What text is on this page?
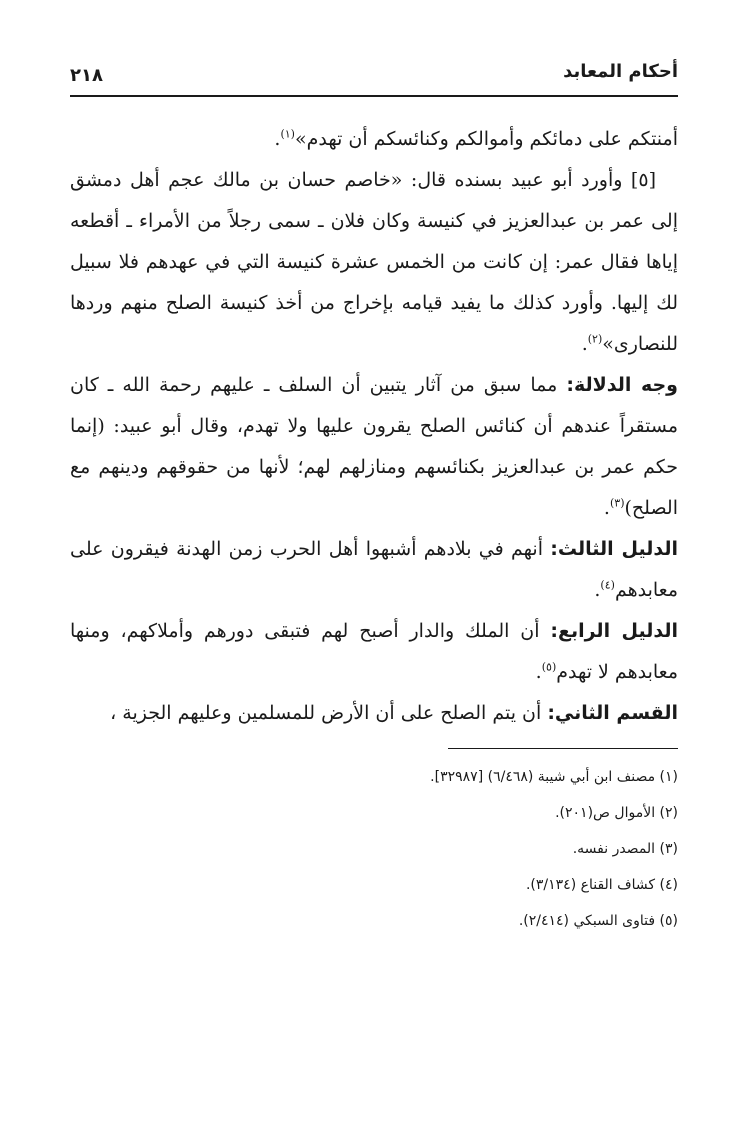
أحكام المعابد
٢١٨

أمنتكم على دمائكم وأموالكم وكنائسكم أن تهدم»$^{(١)}$.

[٥] وأورد أبو عبيد بسنده قال: «خاصم حسان بن مالك عجم أهل دمشق إلى عمر بن عبدالعزيز في كنيسة وكان فلان ـ سمى رجلاً من الأمراء ـ أقطعه إياها فقال عمر: إن كانت من الخمس عشرة كنيسة التي في عهدهم فلا سبيل لك إليها. وأورد كذلك ما يفيد قيامه بإخراج من أخذ كنيسة الصلح منهم وردها للنصارى»$^{(٢)}$.

وجه الدلالة: مما سبق من آثار يتبين أن السلف ـ عليهم رحمة الله ـ كان مستقراً عندهم أن كنائس الصلح يقرون عليها ولا تهدم، وقال أبو عبيد: (إنما حكم عمر بن عبدالعزيز بكنائسهم ومنازلهم لهم؛ لأنها من حقوقهم ودينهم مع الصلح)$^{(٣)}$.

الدليل الثالث: أنهم في بلادهم أشبهوا أهل الحرب زمن الهدنة فيقرون على معابدهم$^{(٤)}$.

الدليل الرابع: أن الملك والدار أصبح لهم فتبقى دورهم وأملاكهم، ومنها معابدهم لا تهدم$^{(٥)}$.

القسم الثاني: أن يتم الصلح على أن الأرض للمسلمين وعليهم الجزية ،

(١) مصنف ابن أبي شيبة (٦/٤٦٨) [٣٢٩٨٧].
(٢) الأموال ص(٢٠١).
(٣) المصدر نفسه.
(٤) كشاف القناع (٣/١٣٤).
(٥) فتاوى السبكي (٢/٤١٤).
